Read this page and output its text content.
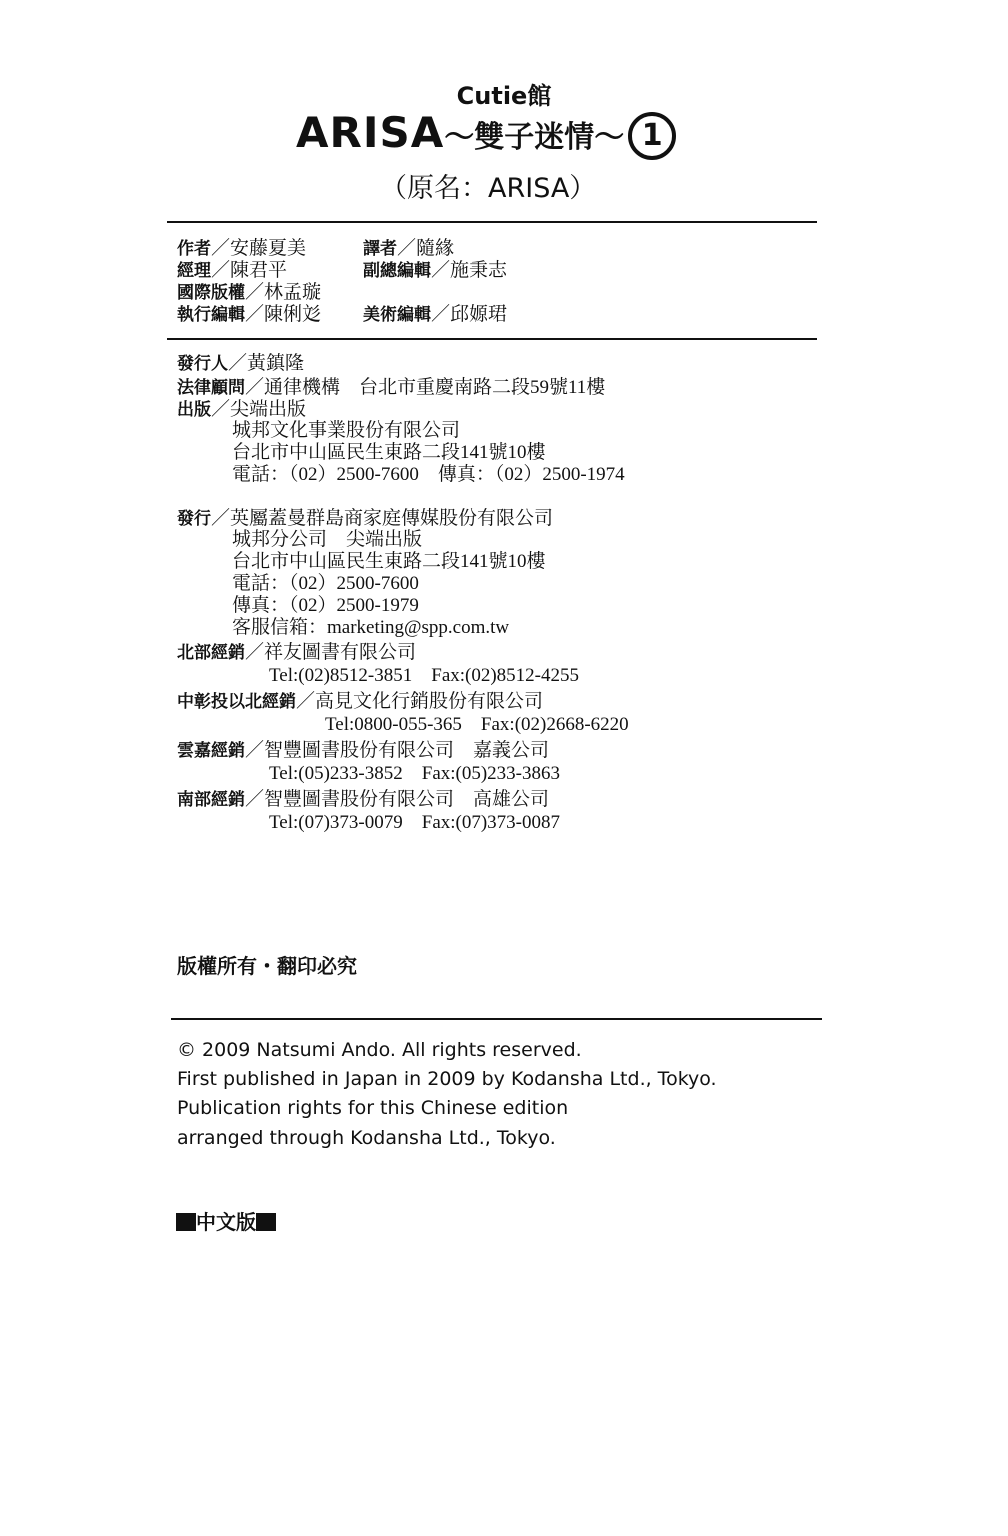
Cutie館
ARISA～雙子迷情～ 1
（原名：ARISA）
作者／安藤夏美	譯者／隨緣
經理／陳君平	副總編輯／施秉志
國際版權／林孟璇
執行編輯／陳俐彣 美術編輯／邱嫄珺
發行人／黃鎮隆
法律顧問／通律機構　台北市重慶南路二段59號11樓
出版／尖端出版
城邦文化事業股份有限公司
台北市中山區民生東路二段141號10樓
電話：（02）2500-7600　傳真：（02）2500-1974
發行／英屬蓋曼群島商家庭傳媒股份有限公司
城邦分公司　尖端出版
台北市中山區民生東路二段141號10樓
電話：（02）2500-7600
傳真：（02）2500-1979
客服信箱：marketing@spp.com.tw
北部經銷／祥友圖書有限公司
Tel:(02)8512-3851　Fax:(02)8512-4255
中彰投以北經銷／高見文化行銷股份有限公司
Tel:0800-055-365　Fax:(02)2668-6220
雲嘉經銷／智豐圖書股份有限公司　嘉義公司
Tel:(05)233-3852　Fax:(05)233-3863
南部經銷／智豐圖書股份有限公司　高雄公司
Tel:(07)373-0079　Fax:(07)373-0087
版權所有・翻印必究
© 2009 Natsumi Ando. All rights reserved.
First published in Japan in 2009 by Kodansha Ltd., Tokyo.
Publication rights for this Chinese edition
arranged through Kodansha Ltd., Tokyo.
中文版
